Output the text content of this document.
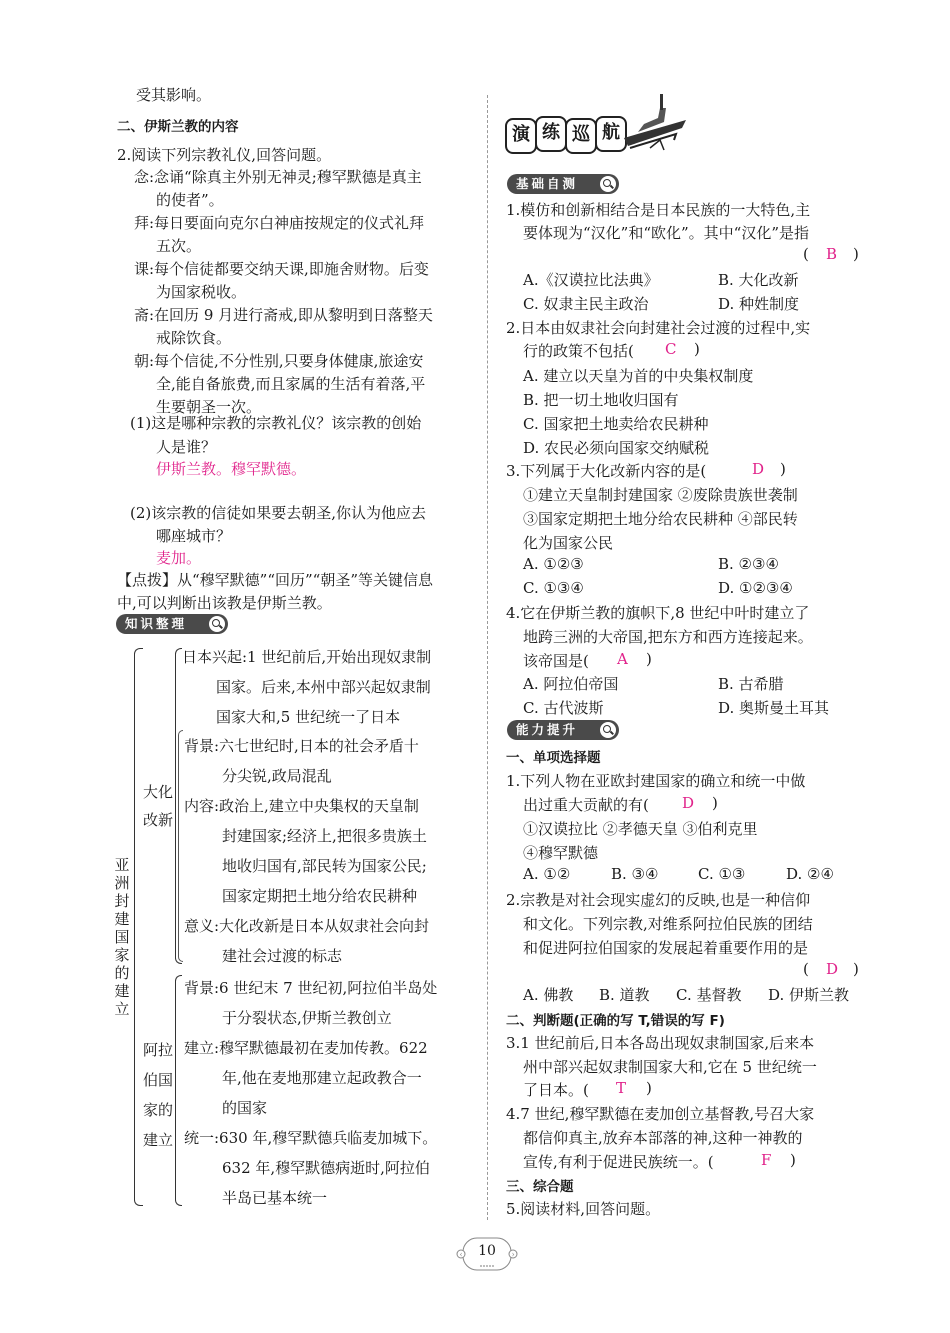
受其影响。
二、伊斯兰教的内容
2.阅读下列宗教礼仪,回答问题。
念:念诵“除真主外别无神灵;穆罕默德是真主
的使者”。
拜:每日要面向克尔白神庙按规定的仪式礼拜
五次。
课:每个信徒都要交纳天课,即施舍财物。后变
为国家税收。
斋:在回历 9 月进行斋戒,即从黎明到日落整天
戒除饮食。
朝:每个信徒,不分性别,只要身体健康,旅途安
全,能自备旅费,而且家属的生活有着落,平
生要朝圣一次。
(1)这是哪种宗教的宗教礼仪？该宗教的创始
人是谁？
伊斯兰教。穆罕默德。
(2)该宗教的信徒如果要去朝圣,你认为他应去
哪座城市？
麦加。
【点拨】从“穆罕默德”“回历”“朝圣”等关键信息
中,可以判断出该教是伊斯兰教。
知识整理
亚洲封建国家的建立
日本兴起:1 世纪前后,开始出现奴隶制
国家。后来,本州中部兴起奴隶制
国家大和,5 世纪统一了日本
大化改新
背景:六七世纪时,日本的社会矛盾十
分尖锐,政局混乱
内容:政治上,建立中央集权的天皇制
封建国家;经济上,把很多贵族土
地收归国有,部民转为国家公民;
国家定期把土地分给农民耕种
意义:大化改新是日本从奴隶社会向封
建社会过渡的标志
阿拉伯国家的建立
背景:6 世纪末 7 世纪初,阿拉伯半岛处
于分裂状态,伊斯兰教创立
建立:穆罕默德最初在麦加传教。622
年,他在麦地那建立起政教合一
的国家
统一:630 年,穆罕默德兵临麦加城下。
632 年,穆罕默德病逝时,阿拉伯
半岛已基本统一
演 练 巡 航
基础自测
1.模仿和创新相结合是日本民族的一大特色,主
要体现为“汉化”和“欧化”。其中“汉化”是指
( B )
A.《汉谟拉比法典》	B. 大化改新
C. 奴隶主民主政治	D. 种姓制度
2.日本由奴隶社会向封建社会过渡的过程中,实
行的政策不包括( C )
A. 建立以天皇为首的中央集权制度
B. 把一切土地收归国有
C. 国家把土地卖给农民耕种
D. 农民必须向国家交纳赋税
3.下列属于大化改新内容的是(	D )
①建立天皇制封建国家 ②废除贵族世袭制
③国家定期把土地分给农民耕种 ④部民转
化为国家公民
A. ①②③	B. ②③④
C. ①③④	D. ①②③④
4.它在伊斯兰教的旗帜下,8 世纪中叶时建立了
地跨三洲的大帝国,把东方和西方连接起来。
该帝国是( A )
A. 阿拉伯帝国	B. 古希腊
C. 古代波斯	D. 奥斯曼土耳其
能力提升
一、单项选择题
1.下列人物在亚欧封建国家的确立和统一中做
出过重大贡献的有( D )
①汉谟拉比 ②孝德天皇 ③伯利克里
④穆罕默德
A. ①②	B. ③④	C. ①③	D. ②④
2.宗教是对社会现实虚幻的反映,也是一种信仰
和文化。下列宗教,对维系阿拉伯民族的团结
和促进阿拉伯国家的发展起着重要作用的是
( D )
A. 佛教 B. 道教 C. 基督教 D. 伊斯兰教
二、判断题(正确的写 T,错误的写 F)
3.1 世纪前后,日本各岛出现奴隶制国家,后来本
州中部兴起奴隶制国家大和,它在 5 世纪统一
了日本。( T )
4.7 世纪,穆罕默德在麦加创立基督教,号召大家
都信仰真主,放弃本部落的神,这种一神教的
宣传,有利于促进民族统一。(	F )
三、综合题
5.阅读材料,回答问题。
‹	›
10
